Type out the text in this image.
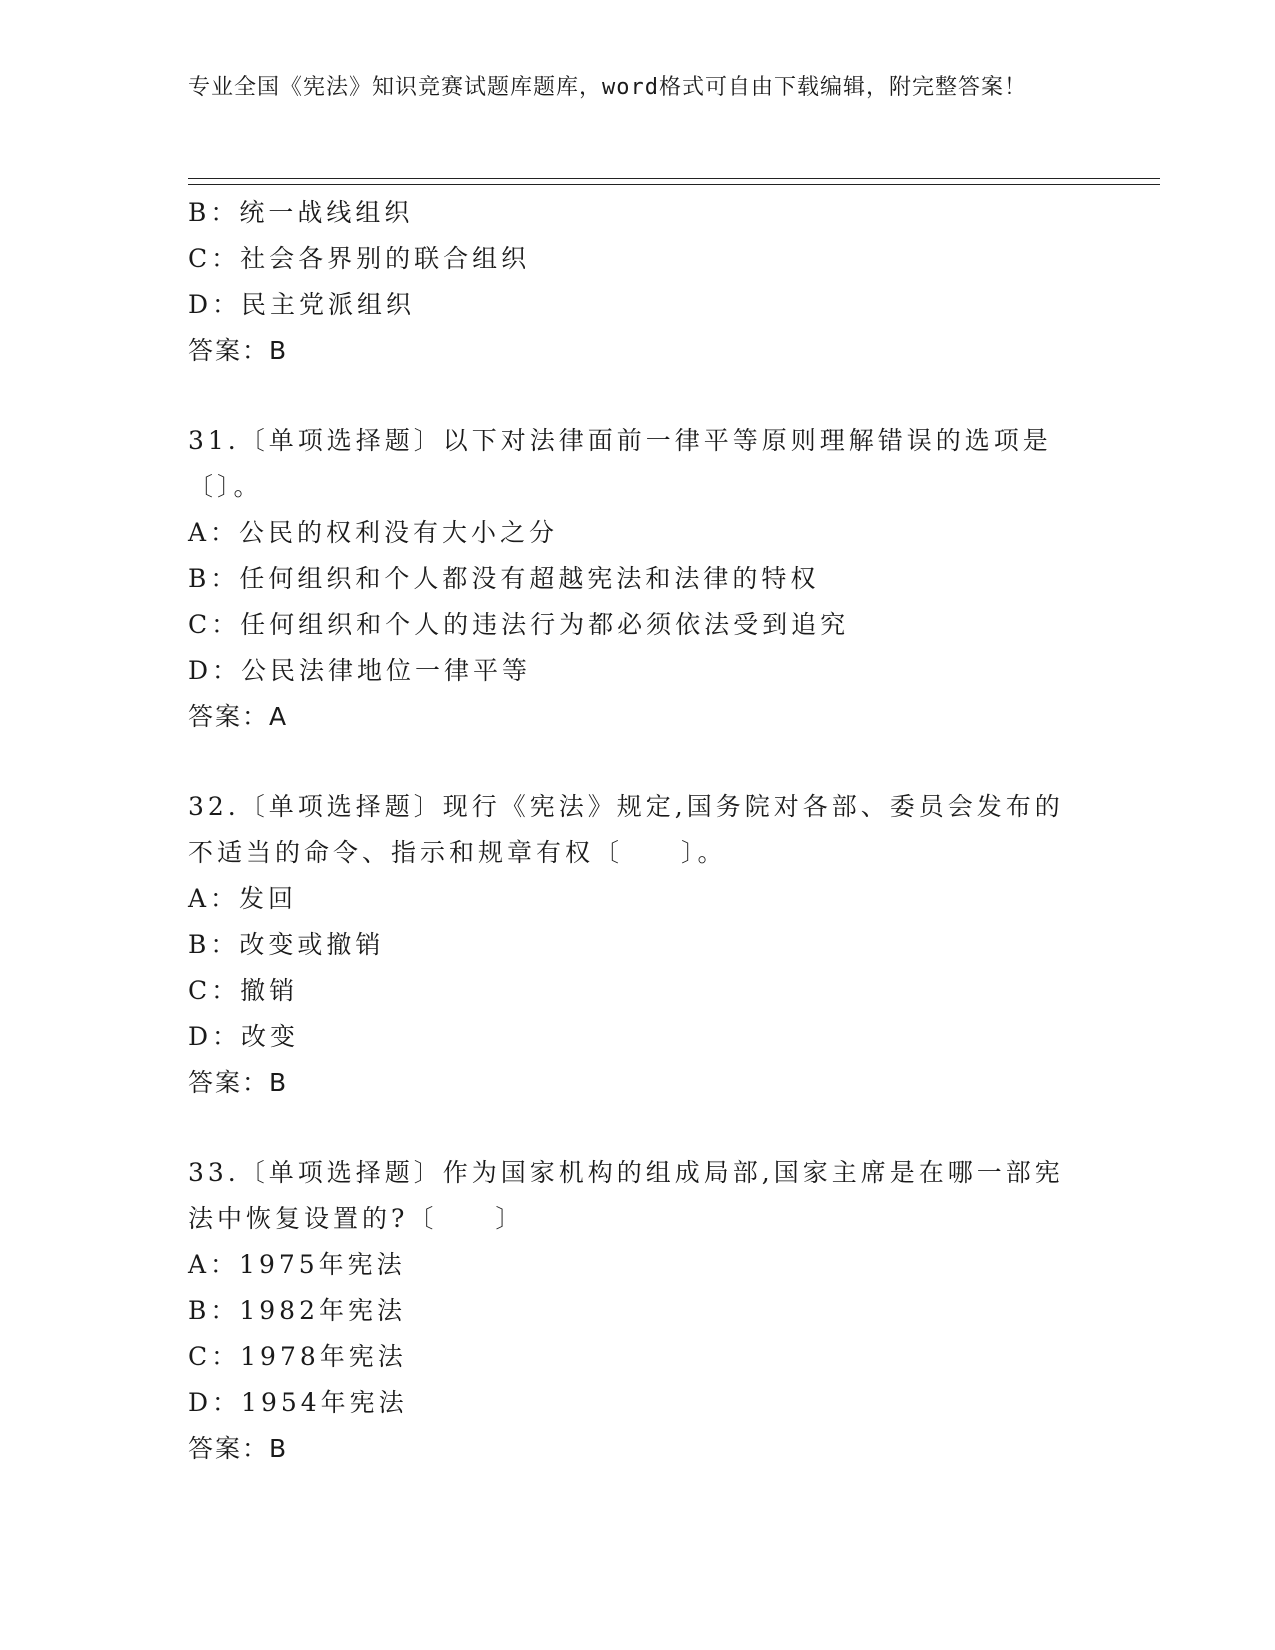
专业全国《宪法》知识竞赛试题库题库，word格式可自由下载编辑，附完整答案！
B：统一战线组织
C：社会各界别的联合组织
D：民主党派组织
答案：B
31.〔单项选择题〕以下对法律面前一律平等原则理解错误的选项是〔〕。
A：公民的权利没有大小之分
B：任何组织和个人都没有超越宪法和法律的特权
C：任何组织和个人的违法行为都必须依法受到追究
D：公民法律地位一律平等
答案：A
32.〔单项选择题〕现行《宪法》规定,国务院对各部、委员会发布的不适当的命令、指示和规章有权〔　　〕。
A：发回
B：改变或撤销
C：撤销
D：改变
答案：B
33.〔单项选择题〕作为国家机构的组成局部,国家主席是在哪一部宪法中恢复设置的?〔　　〕
A：1975年宪法
B：1982年宪法
C：1978年宪法
D：1954年宪法
答案：B
